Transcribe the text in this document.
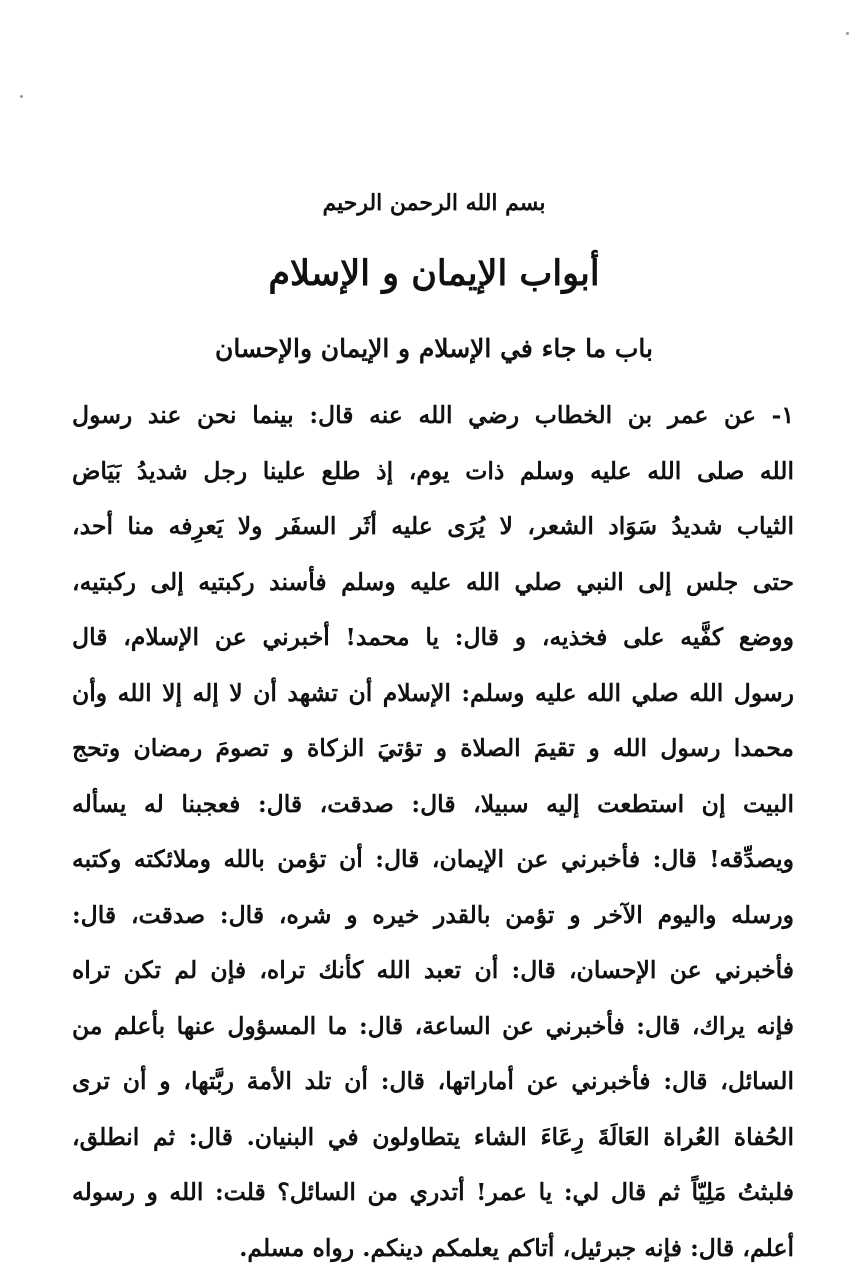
بسم الله الرحمن الرحيم
أبواب الإيمان و الإسلام
باب ما جاء في الإسلام و الإيمان والإحسان
١- عن عمر بن الخطاب رضي الله عنه قال: بينما نحن عند رسول
الله صلى الله عليه وسلم ذات يوم، إذ طلع علينا رجل شديدُ بَيَاض
الثياب شديدُ سَوَاد الشعر، لا يُرَى عليه أثَر السفَر ولا يَعرِفه منا أحد،
حتى جلس إلى النبي صلي الله عليه وسلم فأسند ركبتيه إلى ركبتيه،
ووضع كفَّيه على فخذيه، و قال: يا محمد! أخبرني عن الإسلام، قال
رسول الله صلي الله عليه وسلم: الإسلام أن تشهد أن لا إله إلا الله وأن
محمدا رسول الله و تقيمَ الصلاة و تؤتيَ الزكاة و تصومَ رمضان وتحج
البيت إن استطعت إليه سبيلا، قال: صدقت، قال: فعجبنا له يسأله
ويصدِّقه! قال: فأخبرني عن الإيمان، قال: أن تؤمن بالله وملائكته وكتبه
ورسله واليوم الآخر و تؤمن بالقدر خيره و شره، قال: صدقت، قال:
فأخبرني عن الإحسان، قال: أن تعبد الله كأنك تراه، فإن لم تكن تراه
فإنه يراك، قال: فأخبرني عن الساعة، قال: ما المسؤول عنها بأعلم من
السائل، قال: فأخبرني عن أماراتها، قال: أن تلد الأمة ربَّتها، و أن ترى
الحُفاة العُراة العَالَةَ رِعَاءَ الشاء يتطاولون في البنيان. قال: ثم انطلق،
فلبثتُ مَلِيّاً ثم قال لي: يا عمر! أتدري من السائل؟ قلت: الله و رسوله
أعلم، قال: فإنه جبرئيل، أتاكم يعلمكم دينكم. رواه مسلم.
